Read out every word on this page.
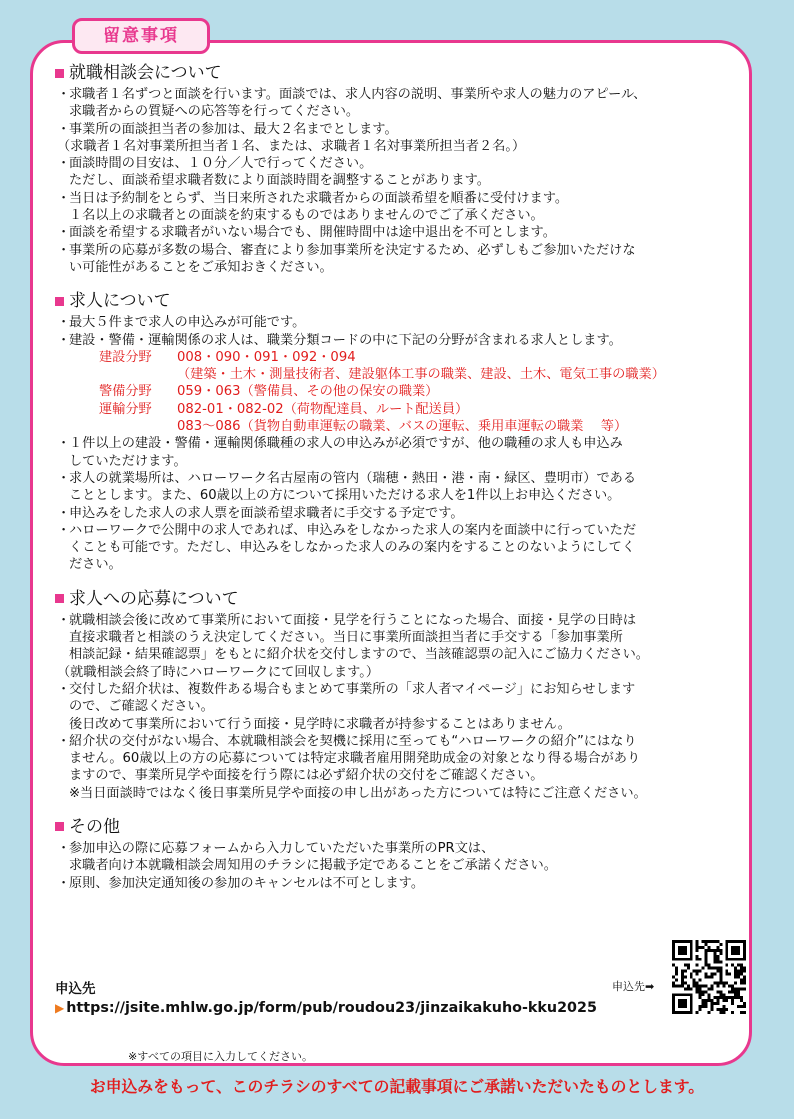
留意事項
就職相談会について
・求職者１名ずつと面談を行います。面談では、求人内容の説明、事業所や求人の魅力のアピール、
求職者からの質疑への応答等を行ってください。
・事業所の面談担当者の参加は、最大２名までとします。
（求職者１名対事業所担当者１名、または、求職者１名対事業所担当者２名。）
・面談時間の目安は、１０分／人で行ってください。
ただし、面談希望求職者数により面談時間を調整することがあります。
・当日は予約制をとらず、当日来所された求職者からの面談希望を順番に受付けます。
１名以上の求職者との面談を約束するものではありませんのでご了承ください。
・面談を希望する求職者がいない場合でも、開催時間中は途中退出を不可とします。
・事業所の応募が多数の場合、審査により参加事業所を決定するため、必ずしもご参加いただけな
い可能性があることをご承知おきください。
求人について
・最大５件まで求人の申込みが可能です。
・建設・警備・運輸関係の求人は、職業分類コードの中に下記の分野が含まれる求人とします。
建設分野	008・090・091・092・094
（建築・土木・測量技術者、建設躯体工事の職業、建設、土木、電気工事の職業）
警備分野	059・063（警備員、その他の保安の職業）
運輸分野	082-01・082-02（荷物配達員、ルート配送員）
083～086（貨物自動車運転の職業、バスの運転、乗用車運転の職業　 等）
・１件以上の建設・警備・運輸関係職種の求人の申込みが必須ですが、他の職種の求人も申込み
していただけます。
・求人の就業場所は、ハローワーク名古屋南の管内（瑞穂・熱田・港・南・緑区、豊明市）である
こととします。また、60歳以上の方について採用いただける求人を1件以上お申込ください。
・申込みをした求人の求人票を面談希望求職者に手交する予定です。
・ハローワークで公開中の求人であれば、申込みをしなかった求人の案内を面談中に行っていただ
くことも可能です。ただし、申込みをしなかった求人のみの案内をすることのないようにしてく
ださい。
求人への応募について
・就職相談会後に改めて事業所において面接・見学を行うことになった場合、面接・見学の日時は
直接求職者と相談のうえ決定してください。当日に事業所面談担当者に手交する「参加事業所
相談記録・結果確認票」をもとに紹介状を交付しますので、当該確認票の記入にご協力ください。
（就職相談会終了時にハローワークにて回収します。）
・交付した紹介状は、複数件ある場合もまとめて事業所の「求人者マイページ」にお知らせします
ので、ご確認ください。
後日改めて事業所において行う面接・見学時に求職者が持参することはありません。
・紹介状の交付がない場合、本就職相談会を契機に採用に至っても“ハローワークの紹介”にはなり
ません。60歳以上の方の応募については特定求職者雇用開発助成金の対象となり得る場合があり
ますので、事業所見学や面接を行う際には必ず紹介状の交付をご確認ください。
※当日面談時ではなく後日事業所見学や面接の申し出があった方については特にご注意ください。
その他
・参加申込の際に応募フォームから入力していただいた事業所のPR文は、
求職者向け本就職相談会周知用のチラシに掲載予定であることをご承諾ください。
・原則、参加決定通知後の参加のキャンセルは不可とします。
申込先
▶ https://jsite.mhlw.go.jp/form/pub/roudou23/jinzaikakuho-kku2025
申込先➡
※すべての項目に入力してください。
お申込みをもって、このチラシのすべての記載事項にご承諾いただいたものとします。
